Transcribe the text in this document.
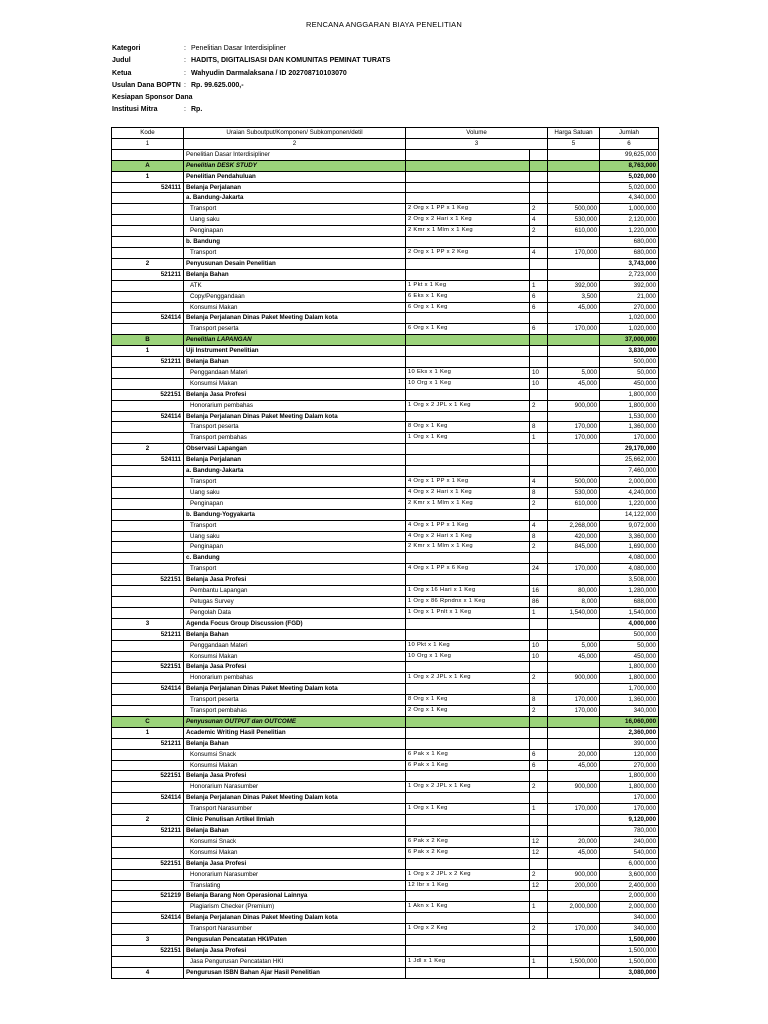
RENCANA ANGGARAN BIAYA PENELITIAN
Kategori	: Penelitian Dasar Interdisipliner
Judul	: HADITS, DIGITALISASI DAN KOMUNITAS PEMINAT TURATS
Ketua	: Wahyudin Darmalaksana / ID 202708710103070
Usulan Dana BOPTN : Rp. 99.625.000,-
Kesiapan Sponsor Dana
Institusi Mitra	: Rp.
Kode	Uraian Suboutput/Komponen/ Subkomponen/detil	Volume		Harga Satuan	Jumlah
1	2	3		5	6
	Penelitian Dasar Interdisipliner				99,625,000
A	Penelitian DESK STUDY				8,763,000
1	Penelitian Pendahuluan				5,020,000
524111	Belanja Perjalanan				5,020,000
	a. Bandung-Jakarta				4,340,000
	Transport	2 Org x 1 PP x 1 Keg	2	500,000	1,000,000
	Uang saku	2 Org x 2 Hari x 1 Keg	4	530,000	2,120,000
	Penginapan	2 Kmr x 1 Mlm x 1 Keg	2	610,000	1,220,000
	b. Bandung				680,000
	Transport	2 Org x 1 PP x 2 Keg	4	170,000	680,000
2	Penyusunan Desain Penelitian				3,743,000
521211	Belanja Bahan				2,723,000
	ATK	1 Pkt x 1 Keg	1	392,000	392,000
	Copy/Penggandaan	6 Eks x 1 Keg	6	3,500	21,000
	Konsumsi Makan	6 Org x 1 Keg	6	45,000	270,000
524114	Belanja Perjalanan Dinas Paket Meeting Dalam kota				1,020,000
	Transport peserta	6 Org x 1 Keg	6	170,000	1,020,000
B	Penelitian LAPANGAN				37,000,000
1	Uji Instrument Penelitian				3,830,000
521211	Belanja Bahan				500,000
	Penggandaan Materi	10 Eks x 1 Keg	10	5,000	50,000
	Konsumsi Makan	10 Org x 1 Keg	10	45,000	450,000
522151	Belanja Jasa Profesi				1,800,000
	Honorarium pembahas	1 Org x 2 JPL x 1 Keg	2	900,000	1,800,000
524114	Belanja Perjalanan Dinas Paket Meeting Dalam kota				1,530,000
	Transport peserta	8 Org x 1 Keg	8	170,000	1,360,000
	Transport pembahas	1 Org x 1 Keg	1	170,000	170,000
2	Observasi Lapangan				29,170,000
524111	Belanja Perjalanan				25,662,000
	a. Bandung-Jakarta				7,460,000
	Transport	4 Org x 1 PP x 1 Keg	4	500,000	2,000,000
	Uang saku	4 Org x 2 Hari x 1 Keg	8	530,000	4,240,000
	Penginapan	2 Kmr x 1 Mlm x 1 Keg	2	610,000	1,220,000
	b. Bandung-Yogyakarta				14,122,000
	Transport	4 Org x 1 PP x 1 Keg	4	2,268,000	9,072,000
	Uang saku	4 Org x 2 Hari x 1 Keg	8	420,000	3,360,000
	Penginapan	2 Kmr x 1 Mlm x 1 Keg	2	845,000	1,690,000
	c. Bandung				4,080,000
	Transport	4 Org x 1 PP x 6 Keg	24	170,000	4,080,000
522151	Belanja Jasa Profesi				3,508,000
	Pembantu Lapangan	1 Org x 16 Hari x 1 Keg	16	80,000	1,280,000
	Petugas Survey	1 Org x 86 Rpndnx x 1 Keg	86	8,000	688,000
	Pengolah Data	1 Org x 1 Pnlt x 1 Keg	1	1,540,000	1,540,000
3	Agenda Focus Group Discussion (FGD)				4,000,000
521211	Belanja Bahan				500,000
	Penggandaan Materi	10 Pkt x 1 Keg	10	5,000	50,000
	Konsumsi Makan	10 Org x 1 Keg	10	45,000	450,000
522151	Belanja Jasa Profesi				1,800,000
	Honorarium pembahas	1 Org x 2 JPL x 1 Keg	2	900,000	1,800,000
524114	Belanja Perjalanan Dinas Paket Meeting Dalam kota				1,700,000
	Transport peserta	8 Org x 1 Keg	8	170,000	1,360,000
	Transport pembahas	2 Org x 1 Keg	2	170,000	340,000
C	Penyusunan OUTPUT dan OUTCOME				16,060,000
1	Academic Writing Hasil Penelitian				2,360,000
521211	Belanja Bahan				390,000
	Konsumsi Snack	6 Pak x 1 Keg	6	20,000	120,000
	Konsumsi Makan	6 Pak x 1 Keg	6	45,000	270,000
522151	Belanja Jasa Profesi				1,800,000
	Honorarium Narasumber	1 Org x 2 JPL x 1 Keg	2	900,000	1,800,000
524114	Belanja Perjalanan Dinas Paket Meeting Dalam kota				170,000
	Transport Narasumber	1 Org x 1 Keg	1	170,000	170,000
2	Clinic Penulisan Artikel Ilmiah				9,120,000
521211	Belanja Bahan				780,000
	Konsumsi Snack	6 Pak x 2 Keg	12	20,000	240,000
	Konsumsi Makan	6 Pak x 2 Keg	12	45,000	540,000
522151	Belanja Jasa Profesi				6,000,000
	Honorarium Narasumber	1 Org x 2 JPL x 2 Keg	2	900,000	3,600,000
	Translating	12 Ibr x 1 Keg	12	200,000	2,400,000
521219	Belanja Barang Non Operasional Lainnya				2,000,000
	Plagiarism Checker (Premium)	1 Akn x 1 Keg	1	2,000,000	2,000,000
524114	Belanja Perjalanan Dinas Paket Meeting Dalam kota				340,000
	Transport Narasumber	1 Org x 2 Keg	2	170,000	340,000
3	Pengusulan Pencatatan HKI/Paten				1,500,000
522151	Belanja Jasa Profesi				1,500,000
	Jasa Pengurusan Pencatatan HKI	1 Jdl x 1 Keg	1	1,500,000	1,500,000
4	Pengurusan ISBN Bahan Ajar Hasil Penelitian				3,080,000
